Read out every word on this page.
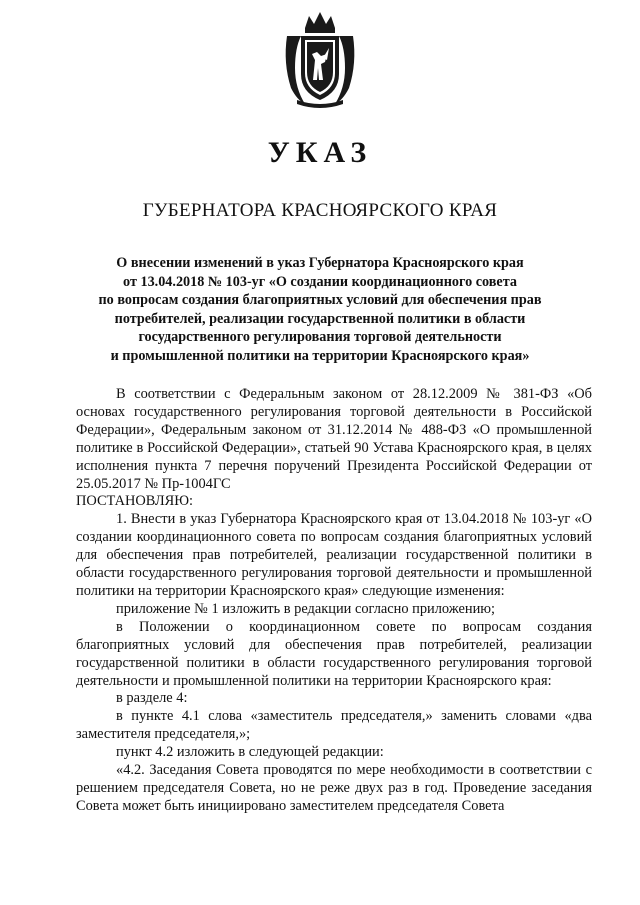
УКАЗ
ГУБЕРНАТОРА КРАСНОЯРСКОГО КРАЯ
О внесении изменений в указ Губернатора Красноярского края
от 13.04.2018 № 103-уг «О создании координационного совета
по вопросам создания благоприятных условий для обеспечения прав
потребителей, реализации государственной политики в области
государственного регулирования торговой деятельности
и промышленной политики на территории Красноярского края»

В соответствии с Федеральным законом от 28.12.2009 № 381-ФЗ «Об основах государственного регулирования торговой деятельности в Российской Федерации», Федеральным законом от 31.12.2014 № 488-ФЗ «О промышленной политике в Российской Федерации», статьей 90 Устава Красноярского края, в целях исполнения пункта 7 перечня поручений Президента Российской Федерации от 25.05.2017 № Пр-1004ГС

ПОСТАНОВЛЯЮ:

1. Внести в указ Губернатора Красноярского края от 13.04.2018 № 103-уг «О создании координационного совета по вопросам создания благоприятных условий для обеспечения прав потребителей, реализации государственной политики в области государственного регулирования торговой деятельности и промышленной политики на территории Красноярского края» следующие изменения:

приложение № 1 изложить в редакции согласно приложению;

в Положении о координационном совете по вопросам создания благоприятных условий для обеспечения прав потребителей, реализации государственной политики в области государственного регулирования торговой деятельности и промышленной политики на территории Красноярского края:

в разделе 4:

в пункте 4.1 слова «заместитель председателя,» заменить словами «два заместителя председателя,»;

пункт 4.2 изложить в следующей редакции:

«4.2. Заседания Совета проводятся по мере необходимости в соответствии с решением председателя Совета, но не реже двух раз в год. Проведение заседания Совета может быть инициировано заместителем председателя Совета
